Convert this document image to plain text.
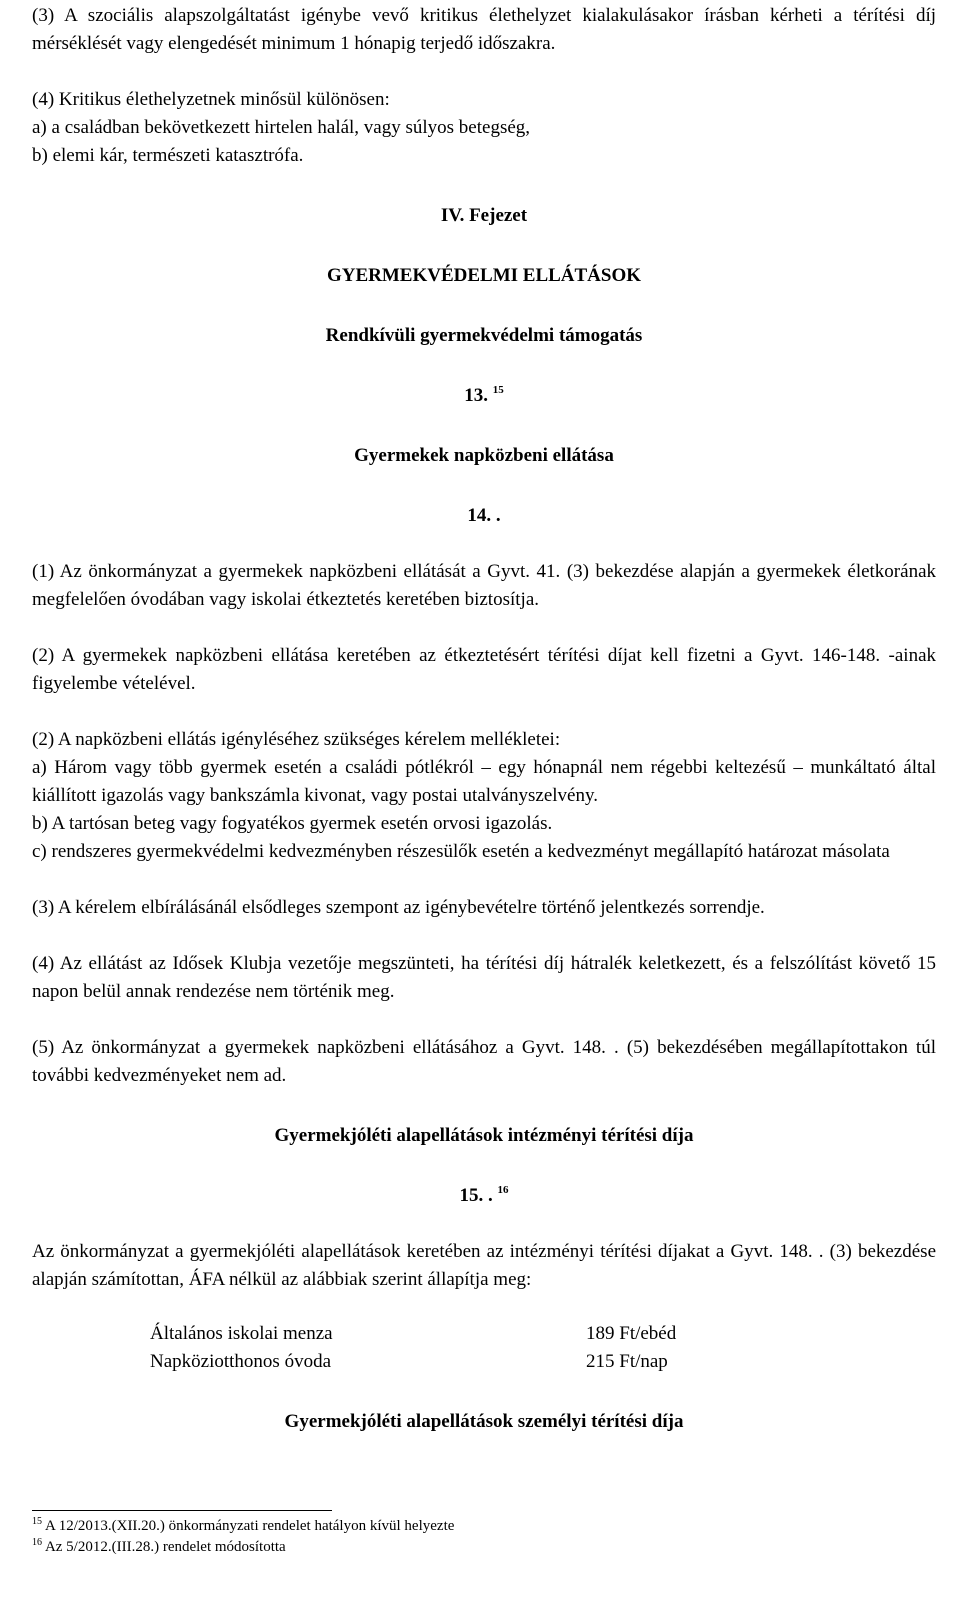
(3) A szociális alapszolgáltatást igénybe vevő kritikus élethelyzet kialakulásakor írásban kérheti a térítési díj mérséklését vagy elengedését minimum 1 hónapig terjedő időszakra.

(4) Kritikus élethelyzetnek minősül különösen:

a) a családban bekövetkezett hirtelen halál, vagy súlyos betegség,

b) elemi kár, természeti katasztrófa.

IV. Fejezet

GYERMEKVÉDELMI ELLÁTÁSOK

Rendkívüli gyermekvédelmi támogatás

13. $^{15}$

Gyermekek napközbeni ellátása

14. .

(1) Az önkormányzat a gyermekek napközbeni ellátását a Gyvt. 41. (3) bekezdése alapján a gyermekek életkorának megfelelően óvodában vagy iskolai étkeztetés keretében biztosítja.

(2) A gyermekek napközbeni ellátása keretében az étkeztetésért térítési díjat kell fizetni a Gyvt. 146-148. -ainak figyelembe vételével.

(2) A napközbeni ellátás igényléséhez szükséges kérelem mellékletei:

a) Három vagy több gyermek esetén a családi pótlékról – egy hónapnál nem régebbi keltezésű – munkáltató által kiállított igazolás vagy bankszámla kivonat, vagy postai utalványszelvény.

b) A tartósan beteg vagy fogyatékos gyermek esetén orvosi igazolás.

c) rendszeres gyermekvédelmi kedvezményben részesülők esetén a kedvezményt megállapító határozat másolata

(3) A kérelem elbírálásánál elsődleges szempont az igénybevételre történő jelentkezés sorrendje.

(4) Az ellátást az Idősek Klubja vezetője megszünteti, ha térítési díj hátralék keletkezett, és a felszólítást követő 15 napon belül annak rendezése nem történik meg.

(5) Az önkormányzat a gyermekek napközbeni ellátásához a Gyvt. 148. . (5) bekezdésében megállapítottakon túl további kedvezményeket nem ad.

Gyermekjóléti alapellátások intézményi térítési díja

15. . $^{16}$

Az önkormányzat a gyermekjóléti alapellátások keretében az intézményi térítési díjakat a Gyvt. 148. . (3) bekezdése alapján számítottan, ÁFA nélkül az alábbiak szerint állapítja meg:

Általános iskolai menza	189 Ft/ebéd
Napköziotthonos óvoda	215 Ft/nap

Gyermekjóléti alapellátások személyi térítési díja

$^{15}$ A 12/2013.(XII.20.) önkormányzati rendelet hatályon kívül helyezte
$^{16}$ Az 5/2012.(III.28.) rendelet módosította
